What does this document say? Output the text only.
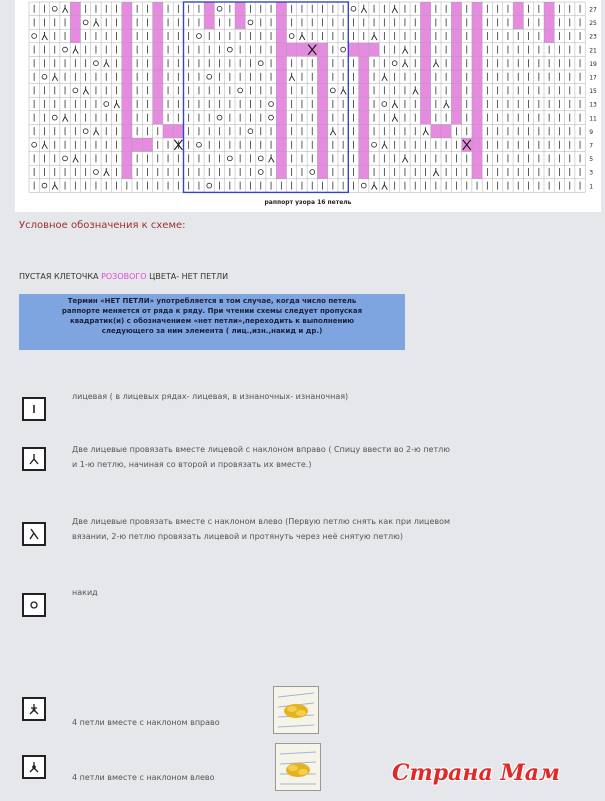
27
25
23
21
19
17
15
13
11
9
7
5
3
1
раппорт узора 16 петель
Условное обозначения к схеме:
ПУСТАЯ КЛЕТОЧКА РОЗОВОГО ЦВЕТА- НЕТ ПЕТЛИ
Термин «НЕТ ПЕТЛИ» употребляется в том случае, когда число петель
раппорте меняется от ряда к ряду. При чтении схемы следует пропуская
квадратик(и) с обозначением «нет петли»,переходить к выполнению
следующего за ним элемента ( лиц.,изн.,накид и др.)
лицевая ( в лицевых рядах- лицевая, в изнаночных- изнаночная)
Две лицевые провязать вместе лицевой с наклоном вправо ( Спицу ввести во 2-ю петлю
и 1-ю петлю, начиная со второй и провязать их вместе.)
Две лицевые провязать вместе с наклоном влево (Первую петлю снять как при лицевом
вязании, 2-ю петлю провязать лицевой и протянуть через неё снятую петлю)
накид
4 петли вместе с наклоном вправо
4 петли вместе с наклоном влево	Страна Мам
